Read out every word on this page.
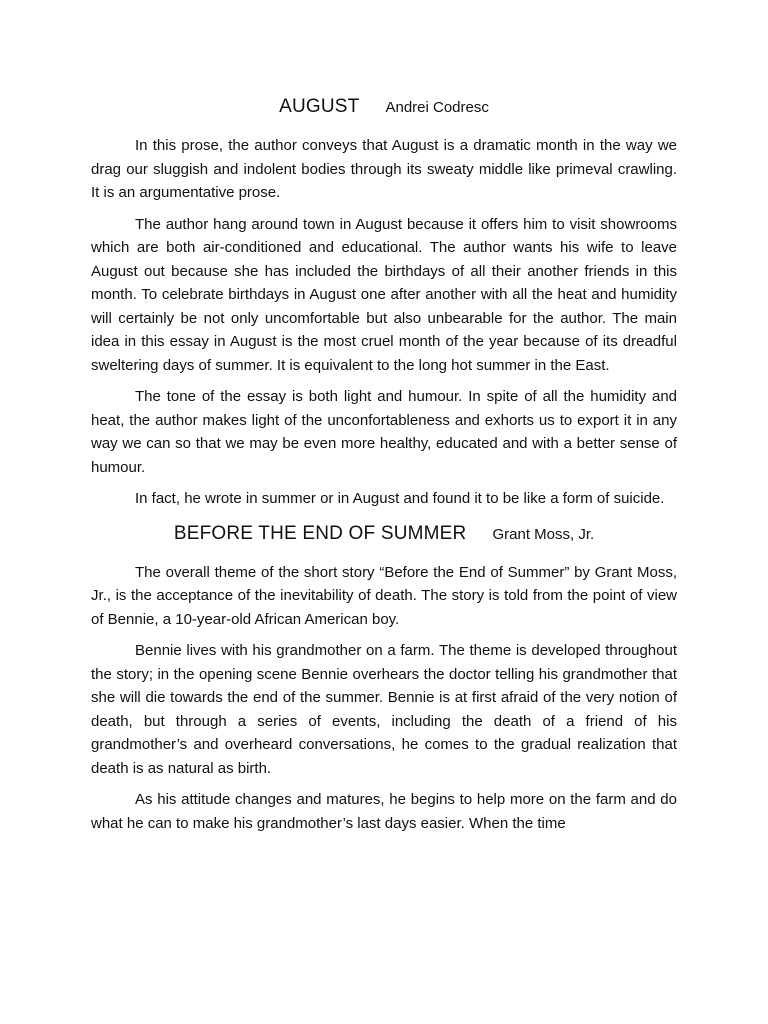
AUGUST Andrei Codresc

In this prose, the author conveys that August is a dramatic month in the way we drag our sluggish and indolent bodies through its sweaty middle like primeval crawling. It is an argumentative prose.

The author hang around town in August because it offers him to visit showrooms which are both air-conditioned and educational. The author wants his wife to leave August out because she has included the birthdays of all their another friends in this month. To celebrate birthdays in August one after another with all the heat and humidity will certainly be not only uncomfortable but also unbearable for the author. The main idea in this essay in August is the most cruel month of the year because of its dreadful sweltering days of summer. It is equivalent to the long hot summer in the East.

The tone of the essay is both light and humour. In spite of all the humidity and heat, the author makes light of the unconfortableness and exhorts us to export it in any way we can so that we may be even more healthy, educated and with a better sense of humour.

In fact, he wrote in summer or in August and found it to be like a form of suicide.

BEFORE THE END OF SUMMER Grant Moss, Jr.

The overall theme of the short story “Before the End of Summer” by Grant Moss, Jr., is the acceptance of the inevitability of death. The story is told from the point of view of Bennie, a 10-year-old African American boy.

Bennie lives with his grandmother on a farm. The theme is developed throughout the story; in the opening scene Bennie overhears the doctor telling his grandmother that she will die towards the end of the summer. Bennie is at first afraid of the very notion of death, but through a series of events, including the death of a friend of his grandmother’s and overheard conversations, he comes to the gradual realization that death is as natural as birth.

As his attitude changes and matures, he begins to help more on the farm and do what he can to make his grandmother’s last days easier. When the time
